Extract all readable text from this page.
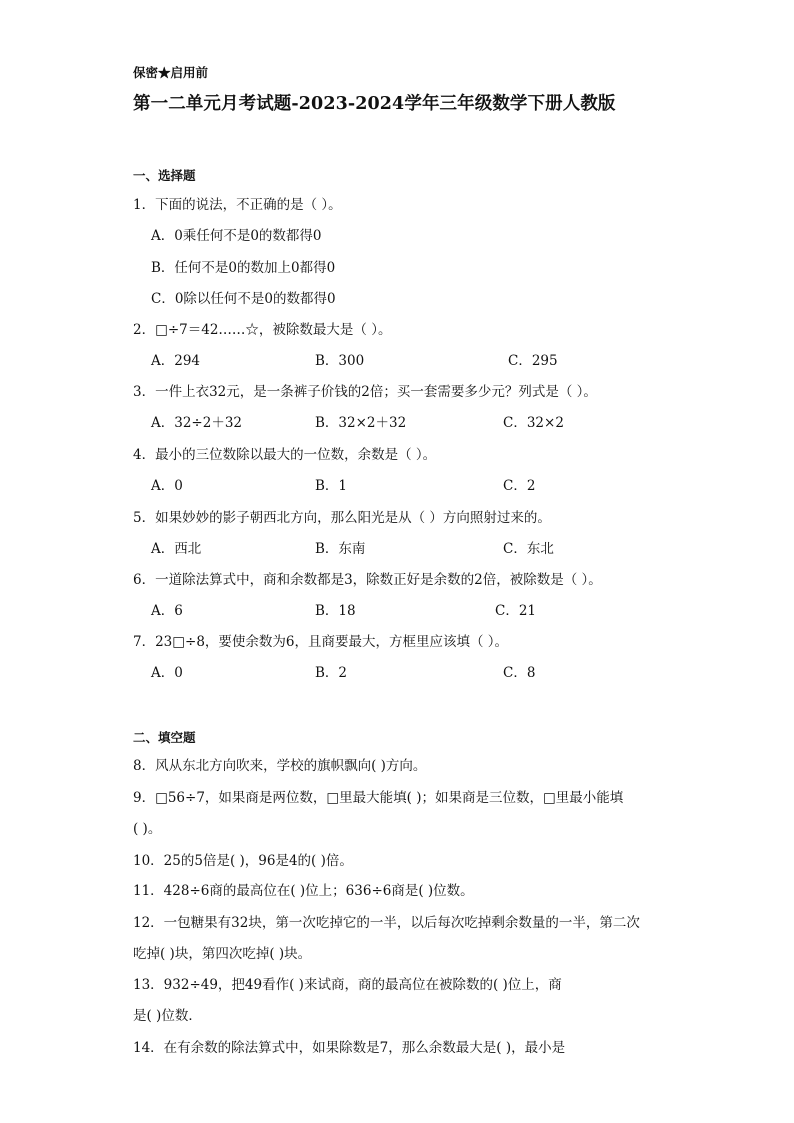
保密★启用前
第一二单元月考试题-2023-2024学年三年级数学下册人教版
一、选择题
1．下面的说法，不正确的是（ ）。
A．0乘任何不是0的数都得0
B．任何不是0的数加上0都得0
C．0除以任何不是0的数都得0
2．□÷7＝42……☆，被除数最大是（ ）。
A．294	B．300	C．295
3．一件上衣32元，是一条裤子价钱的2倍；买一套需要多少元？列式是（ ）。
A．32÷2＋32	B．32×2＋32	C．32×2
4．最小的三位数除以最大的一位数，余数是（ ）。
A．0	B．1	C．2
5．如果妙妙的影子朝西北方向，那么阳光是从（ ）方向照射过来的。
A．西北	B．东南	C．东北
6．一道除法算式中，商和余数都是3，除数正好是余数的2倍，被除数是（ ）。
A．6	B．18	C．21
7．23□÷8，要使余数为6，且商要最大，方框里应该填（ ）。
A．0	B．2	C．8
二、填空题
8．风从东北方向吹来，学校的旗帜飘向( )方向。
9．□56÷7，如果商是两位数，□里最大能填( )；如果商是三位数，□里最小能填
( )。
10．25的5倍是( )，96是4的( )倍。
11．428÷6商的最高位在( )位上；636÷6商是( )位数。
12．一包糖果有32块，第一次吃掉它的一半，以后每次吃掉剩余数量的一半，第二次
吃掉( )块，第四次吃掉( )块。
13．932÷49，把49看作( )来试商，商的最高位在被除数的( )位上，商
是( )位数．
14．在有余数的除法算式中，如果除数是7，那么余数最大是( )，最小是
